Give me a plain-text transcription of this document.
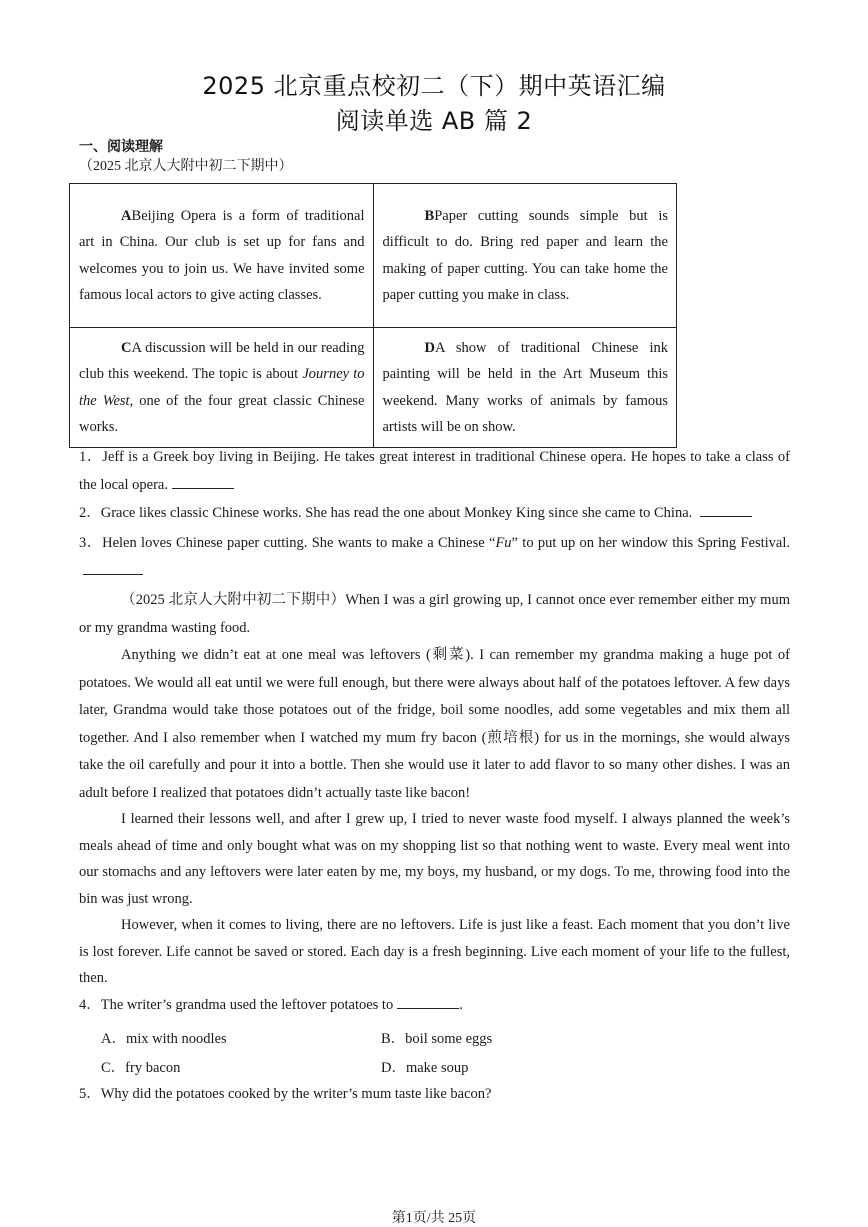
2025 北京重点校初二（下）期中英语汇编
阅读单选 AB 篇 2
一、阅读理解
（2025 北京人大附中初二下期中）
ABeijing Opera is a form of traditional art in China. Our club is set up for fans and welcomes you to join us. We have invited some famous local actors to give acting classes.	BPaper cutting sounds simple but is difficult to do. Bring red paper and learn the making of paper cutting. You can take home the paper cutting you make in class.

CA discussion will be held in our reading club this weekend. The topic is about Journey to the West, one of the four great classic Chinese works.	DA show of traditional Chinese ink painting will be held in the Art Museum this weekend. Many works of animals by famous artists will be on show.
1．Jeff is a Greek boy living in Beijing. He takes great interest in traditional Chinese opera. He hopes to take a class of the local opera.
2．Grace likes classic Chinese works. She has read the one about Monkey King since she came to China.
3．Helen loves Chinese paper cutting. She wants to make a Chinese “Fu” to put up on her window this Spring Festival.
（2025 北京人大附中初二下期中）When I was a girl growing up, I cannot once ever remember either my mum or my grandma wasting food.
Anything we didn’t eat at one meal was leftovers (剩菜). I can remember my grandma making a huge pot of potatoes. We would all eat until we were full enough, but there were always about half of the potatoes leftover. A few days later, Grandma would take those potatoes out of the fridge, boil some noodles, add some vegetables and mix them all together. And I also remember when I watched my mum fry bacon (煎培根) for us in the mornings, she would always take the oil carefully and pour it into a bottle. Then she would use it later to add flavor to so many other dishes. I was an adult before I realized that potatoes didn’t actually taste like bacon!
I learned their lessons well, and after I grew up, I tried to never waste food myself. I always planned the week’s meals ahead of time and only bought what was on my shopping list so that nothing went to waste. Every meal went into our stomachs and any leftovers were later eaten by me, my boys, my husband, or my dogs. To me, throwing food into the bin was just wrong.
However, when it comes to living, there are no leftovers. Life is just like a feast. Each moment that you don’t live is lost forever. Life cannot be saved or stored. Each day is a fresh beginning. Live each moment of your life to the fullest, then.
4．The writer’s grandma used the leftover potatoes to	.
A．mix with noodles	B．boil some eggs
C．fry bacon	D．make soup
5．Why did the potatoes cooked by the writer’s mum taste like bacon?
第1页/共 25页
